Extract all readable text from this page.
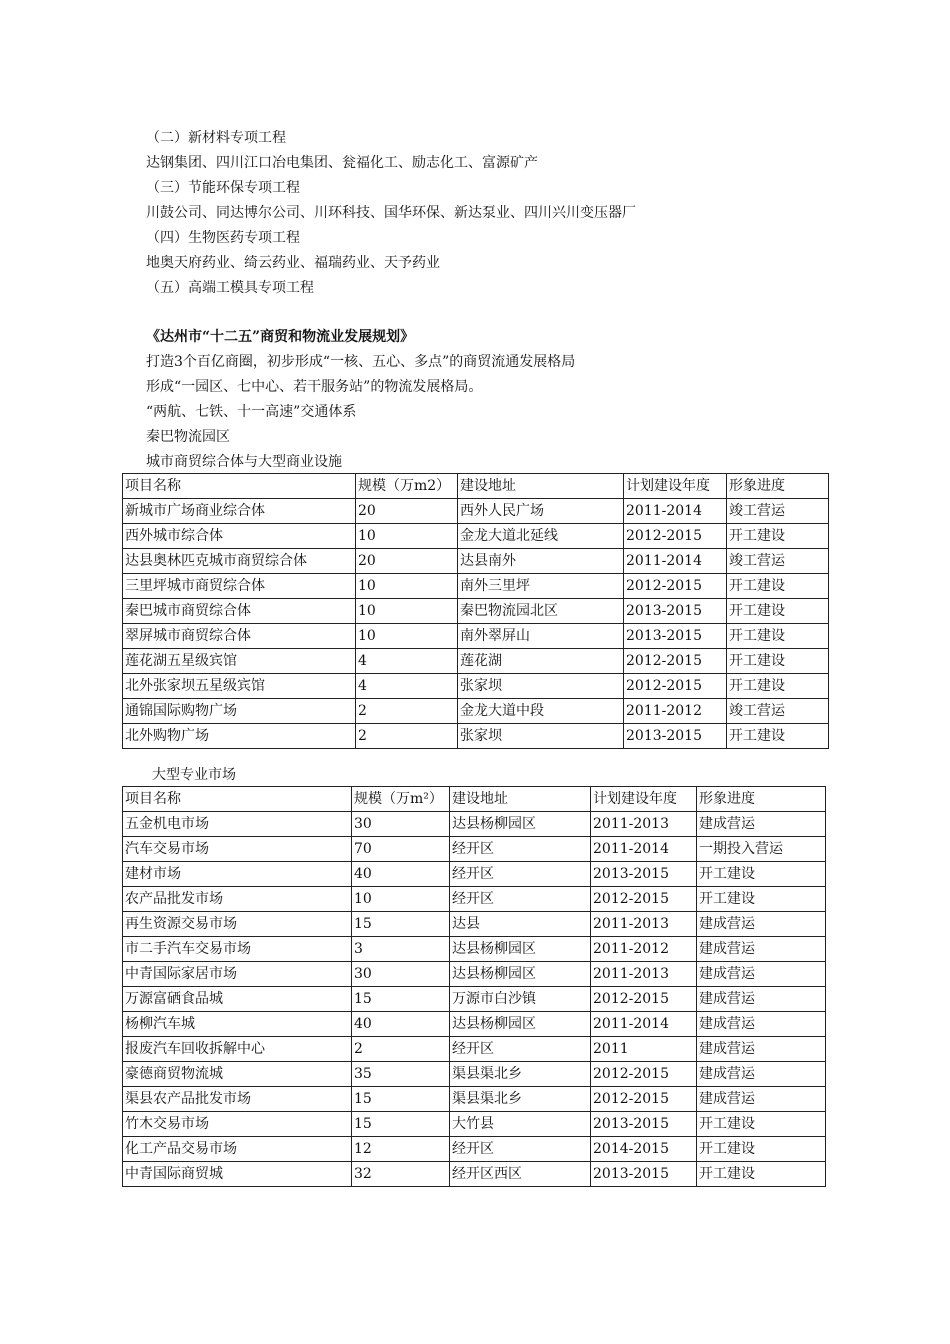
（二）新材料专项工程
达钢集团、四川江口冶电集团、瓮福化工、励志化工、富源矿产
（三）节能环保专项工程
川鼓公司、同达博尔公司、川环科技、国华环保、新达泵业、四川兴川变压器厂
（四）生物医药专项工程
地奥天府药业、绮云药业、福瑞药业、天予药业
（五）高端工模具专项工程
《达州市“十二五”商贸和物流业发展规划》
打造3个百亿商圈，初步形成“一核、五心、多点”的商贸流通发展格局
形成“一园区、七中心、若干服务站”的物流发展格局。
“两航、七铁、十一高速”交通体系
秦巴物流园区
城市商贸综合体与大型商业设施
项目名称	规模（万m2）	建设地址	计划建设年度	形象进度
新城市广场商业综合体	20	西外人民广场	2011-2014	竣工营运
西外城市综合体	10	金龙大道北延线	2012-2015	开工建设
达县奥林匹克城市商贸综合体	20	达县南外	2011-2014	竣工营运
三里坪城市商贸综合体	10	南外三里坪	2012-2015	开工建设
秦巴城市商贸综合体	10	秦巴物流园北区	2013-2015	开工建设
翠屏城市商贸综合体	10	南外翠屏山	2013-2015	开工建设
莲花湖五星级宾馆	4	莲花湖	2012-2015	开工建设
北外张家坝五星级宾馆	4	张家坝	2012-2015	开工建设
通锦国际购物广场	2	金龙大道中段	2011-2012	竣工营运
北外购物广场	2	张家坝	2013-2015	开工建设
大型专业市场
项目名称	规模（万m²）	建设地址	计划建设年度	形象进度
五金机电市场	30	达县杨柳园区	2011-2013	建成营运
汽车交易市场	70	经开区	2011-2014	一期投入营运
建材市场	40	经开区	2013-2015	开工建设
农产品批发市场	10	经开区	2012-2015	开工建设
再生资源交易市场	15	达县	2011-2013	建成营运
市二手汽车交易市场	3	达县杨柳园区	2011-2012	建成营运
中青国际家居市场	30	达县杨柳园区	2011-2013	建成营运
万源富硒食品城	15	万源市白沙镇	2012-2015	建成营运
杨柳汽车城	40	达县杨柳园区	2011-2014	建成营运
报废汽车回收拆解中心	2	经开区	2011	建成营运
豪德商贸物流城	35	渠县渠北乡	2012-2015	建成营运
渠县农产品批发市场	15	渠县渠北乡	2012-2015	建成营运
竹木交易市场	15	大竹县	2013-2015	开工建设
化工产品交易市场	12	经开区	2014-2015	开工建设
中青国际商贸城	32	经开区西区	2013-2015	开工建设
